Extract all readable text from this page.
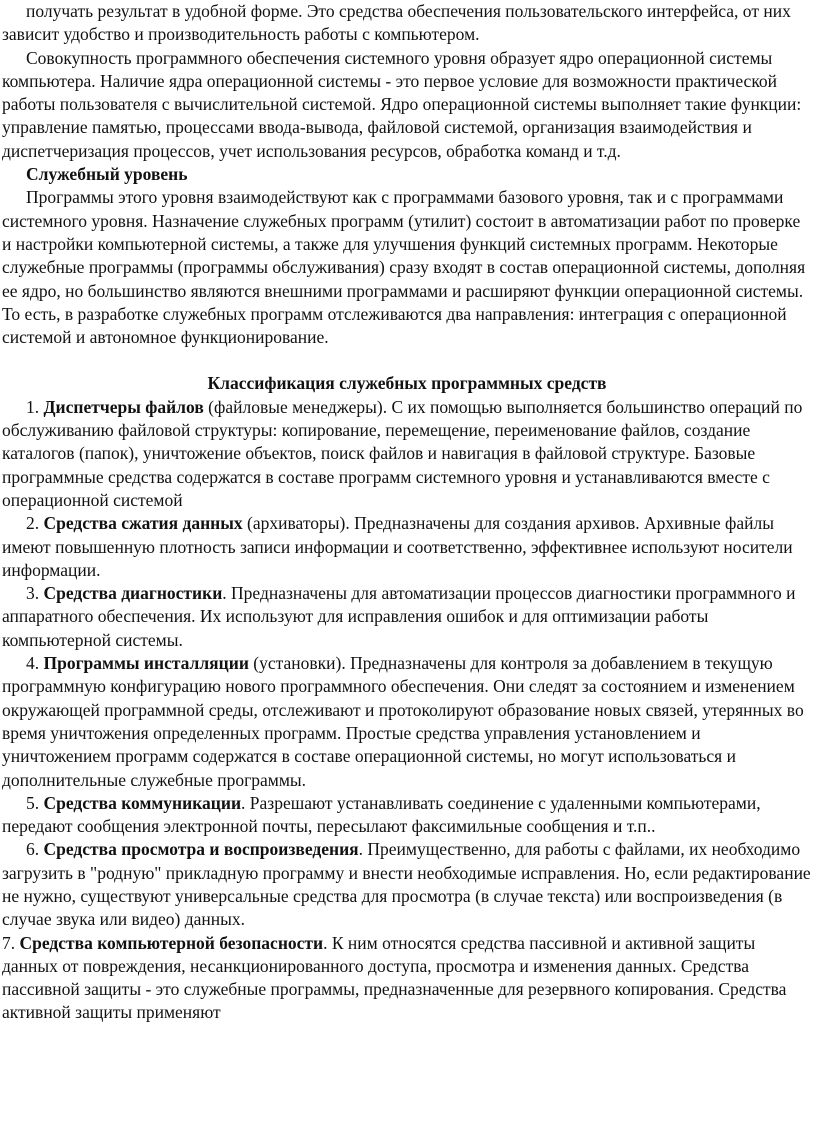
получать результат в удобной форме. Это средства обеспечения пользовательского интерфейса, от них зависит удобство и производительность работы с компьютером.

Совокупность программного обеспечения системного уровня образует ядро операционной системы компьютера. Наличие ядра операционной системы - это первое условие для возможности практической работы пользователя с вычислительной системой. Ядро операционной системы выполняет такие функции: управление памятью, процессами ввода-вывода, файловой системой, организация взаимодействия и диспетчеризация процессов, учет использования ресурсов, обработка команд и т.д.

Служебный уровень

Программы этого уровня взаимодействуют как с программами базового уровня, так и с программами системного уровня. Назначение служебных программ (утилит) состоит в автоматизации работ по проверке и настройки компьютерной системы, а также для улучшения функций системных программ. Некоторые служебные программы (программы обслуживания) сразу входят в состав операционной системы, дополняя ее ядро, но большинство являются внешними программами и расширяют функции операционной системы. То есть, в разработке служебных программ отслеживаются два направления: интеграция с операционной системой и автономное функционирование.

Классификация служебных программных средств

1. Диспетчеры файлов (файловые менеджеры). С их помощью выполняется большинство операций по обслуживанию файловой структуры: копирование, перемещение, переименование файлов, создание каталогов (папок), уничтожение объектов, поиск файлов и навигация в файловой структуре. Базовые программные средства содержатся в составе программ системного уровня и устанавливаются вместе с операционной системой

2. Средства сжатия данных (архиваторы). Предназначены для создания архивов. Архивные файлы имеют повышенную плотность записи информации и соответственно, эффективнее используют носители информации.

3. Средства диагностики. Предназначены для автоматизации процессов диагностики программного и аппаратного обеспечения. Их используют для исправления ошибок и для оптимизации работы компьютерной системы.

4. Программы инсталляции (установки). Предназначены для контроля за добавлением в текущую программную конфигурацию нового программного обеспечения. Они следят за состоянием и изменением окружающей программной среды, отслеживают и протоколируют образование новых связей, утерянных во время уничтожения определенных программ. Простые средства управления установлением и уничтожением программ содержатся в составе операционной системы, но могут использоваться и дополнительные служебные программы.

5. Средства коммуникации. Разрешают устанавливать соединение с удаленными компьютерами, передают сообщения электронной почты, пересылают факсимильные сообщения и т.п..

6. Средства просмотра и воспроизведения. Преимущественно, для работы с файлами, их необходимо загрузить в "родную" прикладную программу и внести необходимые исправления. Но, если редактирование не нужно, существуют универсальные средства для просмотра (в случае текста) или воспроизведения (в случае звука или видео) данных.

7. Средства компьютерной безопасности. К ним относятся средства пассивной и активной защиты данных от повреждения, несанкционированного доступа, просмотра и изменения данных. Средства пассивной защиты - это служебные программы, предназначенные для резервного копирования. Средства активной защиты применяют
